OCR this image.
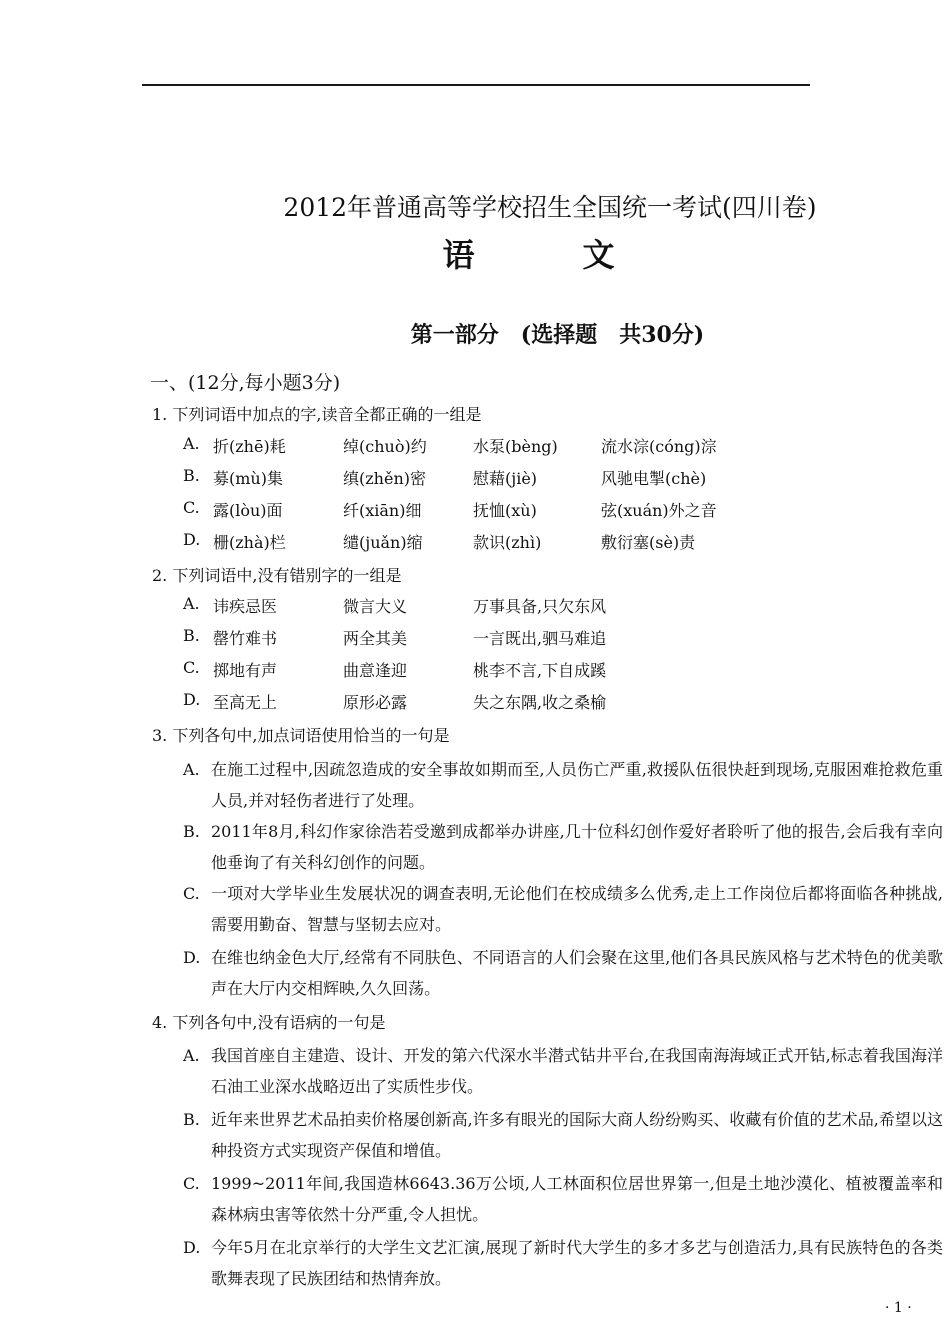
2012年普通高等学校招生全国统一考试(四川卷)
语　文
第一部分　(选择题　共30分)
一、(12分,每小题3分)
1. 下列词语中加点的字,读音全都正确的一组是
A. 折(zhē)耗	绰(chuò)约	水泵(bèng)	流水淙(cóng)淙
B. 募(mù)集	缜(zhěn)密	慰藉(jiè)	风驰电掣(chè)
C. 露(lòu)面	纤(xiān)细	抚恤(xù)	弦(xuán)外之音
D. 栅(zhà)栏	缱(juǎn)缩	款识(zhì)	敷衍塞(sè)责
2. 下列词语中,没有错别字的一组是
A. 讳疾忌医	微言大义	万事具备,只欠东风
B. 罄竹难书	两全其美	一言既出,驷马难追
C. 掷地有声	曲意逢迎	桃李不言,下自成蹊
D. 至高无上	原形必露	失之东隅,收之桑榆
3. 下列各句中,加点词语使用恰当的一句是
A. 在施工过程中,因疏忽造成的安全事故如期而至,人员伤亡严重,救援队伍很快赶到现场,克服困难抢救危重人员,并对轻伤者进行了处理。
B. 2011年8月,科幻作家徐浩若受邀到成都举办讲座,几十位科幻创作爱好者聆听了他的报告,会后我有幸向他垂询了有关科幻创作的问题。
C. 一项对大学毕业生发展状况的调查表明,无论他们在校成绩多么优秀,走上工作岗位后都将面临各种挑战,需要用勤奋、智慧与坚韧去应对。
D. 在维也纳金色大厅,经常有不同肤色、不同语言的人们会聚在这里,他们各具民族风格与艺术特色的优美歌声在大厅内交相辉映,久久回荡。
4. 下列各句中,没有语病的一句是
A. 我国首座自主建造、设计、开发的第六代深水半潜式钻井平台,在我国南海海域正式开钻,标志着我国海洋石油工业深水战略迈出了实质性步伐。
B. 近年来世界艺术品拍卖价格屡创新高,许多有眼光的国际大商人纷纷购买、收藏有价值的艺术品,希望以这种投资方式实现资产保值和增值。
C. 1999~2011年间,我国造林6643.36万公顷,人工林面积位居世界第一,但是土地沙漠化、植被覆盖率和森林病虫害等依然十分严重,令人担忧。
D. 今年5月在北京举行的大学生文艺汇演,展现了新时代大学生的多才多艺与创造活力,具有民族特色的各类歌舞表现了民族团结和热情奔放。
· 1 ·
